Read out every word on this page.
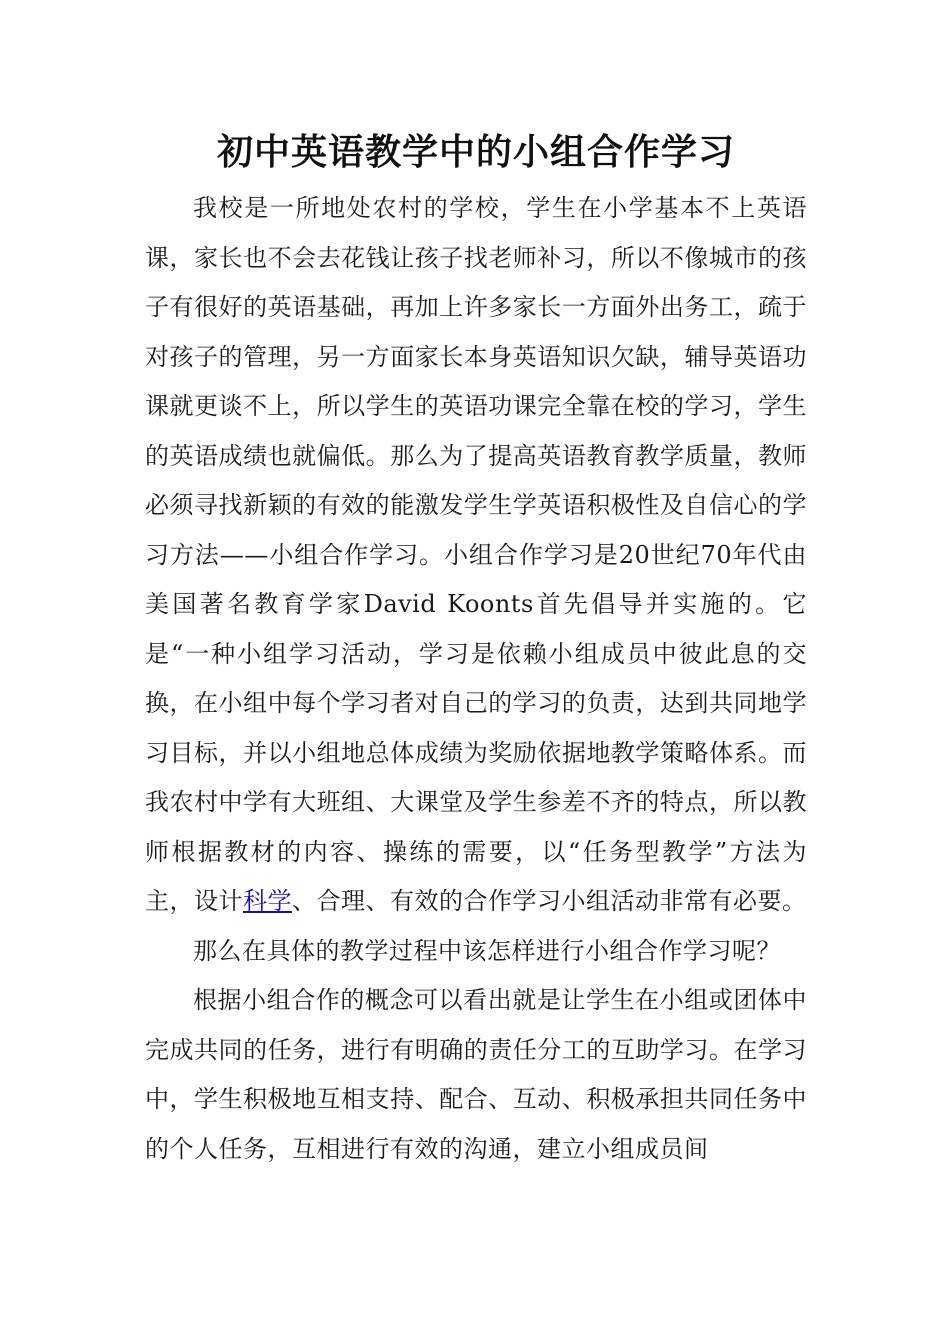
初中英语教学中的小组合作学习

我校是一所地处农村的学校，学生在小学基本不上英语课，家长也不会去花钱让孩子找老师补习，所以不像城市的孩子有很好的英语基础，再加上许多家长一方面外出务工，疏于对孩子的管理，另一方面家长本身英语知识欠缺，辅导英语功课就更谈不上，所以学生的英语功课完全靠在校的学习，学生的英语成绩也就偏低。那么为了提高英语教育教学质量，教师必须寻找新颖的有效的能激发学生学英语积极性及自信心的学习方法——小组合作学习。小组合作学习是20世纪70年代由美国著名教育学家David Koonts首先倡导并实施的。它是“一种小组学习活动，学习是依赖小组成员中彼此息的交换，在小组中每个学习者对自己的学习的负责，达到共同地学习目标，并以小组地总体成绩为奖励依据地教学策略体系。而我农村中学有大班组、大课堂及学生参差不齐的特点，所以教师根据教材的内容、操练的需要，以“任务型教学”方法为主，设计科学、合理、有效的合作学习小组活动非常有必要。

那么在具体的教学过程中该怎样进行小组合作学习呢？

根据小组合作的概念可以看出就是让学生在小组或团体中完成共同的任务，进行有明确的责任分工的互助学习。在学习中，学生积极地互相支持、配合、互动、积极承担共同任务中的个人任务，互相进行有效的沟通，建立小组成员间
